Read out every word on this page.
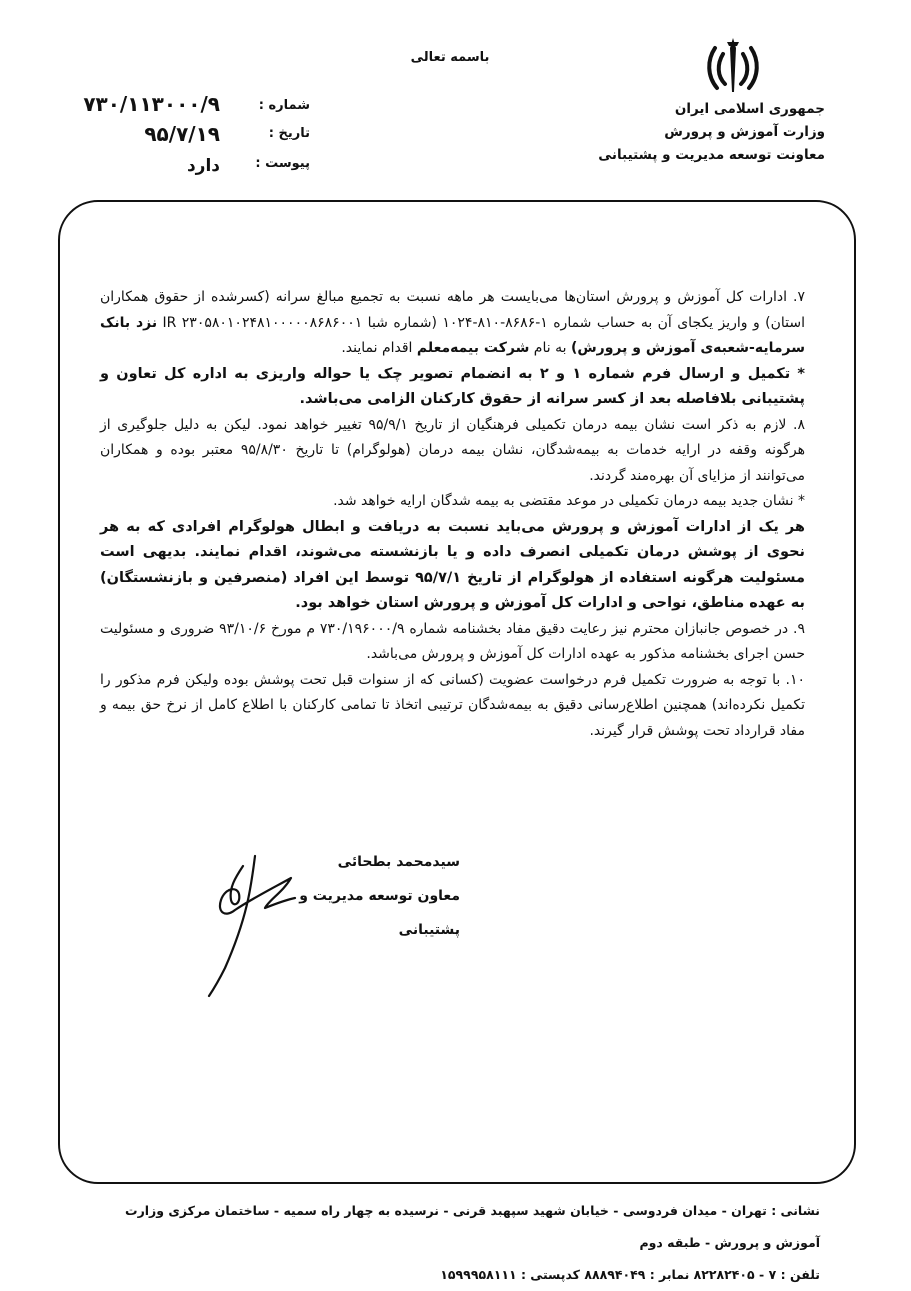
باسمه تعالی
جمهوری اسلامی ایران
وزارت آموزش و پرورش
معاونت توسعه مدیریت و پشتیبانی
شماره :
۷۳۰/۱۱۳۰۰۰/۹
تاریخ :
۹۵/۷/۱۹
پیوست :
دارد

۷. ادارات کل آموزش و پرورش استان‌ها می‌بایست هر ماهه نسبت به تجمیع مبالغ سرانه (کسرشده از حقوق همکاران استان) و واریز یکجای آن به حساب شماره ۱-۸۶۸۶-۸۱۰-۱۰۲۴ (شماره شبا IR ۲۳۰۵۸۰۱۰۲۴۸۱۰۰۰۰۰۸۶۸۶۰۰۱ نزد بانک سرمایه-شعبه‌ی آموزش و پرورش) به نام شرکت بیمه‌معلم اقدام نمایند.

* تکمیل و ارسال فرم شماره ۱ و ۲ به انضمام تصویر چک یا حواله واریزی به اداره کل تعاون و پشتیبانی بلافاصله بعد از کسر سرانه از حقوق کارکنان الزامی می‌باشد.

۸. لازم به ذکر است نشان بیمه درمان تکمیلی فرهنگیان از تاریخ ۹۵/۹/۱ تغییر خواهد نمود. لیکن به دلیل جلوگیری از هرگونه وقفه در ارایه خدمات به بیمه‌شدگان، نشان بیمه درمان (هولوگرام) تا تاریخ ۹۵/۸/۳۰ معتبر بوده و همکاران می‌توانند از مزایای آن بهره‌مند گردند.

* نشان جدید بیمه درمان تکمیلی در موعد مقتضی به بیمه شدگان ارایه خواهد شد.

هر یک از ادارات آموزش و پرورش می‌باید نسبت به دریافت و ابطال هولوگرام افرادی که به هر نحوی از پوشش درمان تکمیلی انصرف داده و یا بازنشسته می‌شوند، اقدام نمایند. بدیهی است مسئولیت هرگونه استفاده از هولوگرام از تاریخ ۹۵/۷/۱ توسط این افراد (منصرفین و بازنشستگان) به عهده مناطق، نواحی و ادارات کل آموزش و پرورش استان خواهد بود.

۹. در خصوص جانبازان محترم نیز رعایت دقیق مفاد بخشنامه شماره ۷۳۰/۱۹۶۰۰۰/۹ م مورخ ۹۳/۱۰/۶ ضروری و مسئولیت حسن اجرای بخشنامه مذکور به عهده ادارات کل آموزش و پرورش می‌باشد.

۱۰. با توجه به ضرورت تکمیل فرم درخواست عضویت (کسانی که از سنوات قبل تحت پوشش بوده ولیکن فرم مذکور را تکمیل نکرده‌اند) همچنین اطلاع‌رسانی دقیق به بیمه‌شدگان ترتیبی اتخاذ تا تمامی کارکنان با اطلاع کامل از نرخ حق بیمه و مفاد قرارداد تحت پوشش قرار گیرند.

سیدمحمد بطحائی
معاون توسعه مدیریت و پشتیبانی
نشانی : تهران - میدان فردوسی - خیابان شهید سپهبد قرنی - نرسیده به چهار راه سمیه - ساختمان مرکزی وزارت آموزش و پرورش - طبقه دوم
تلفن : ۷ - ۸۲۲۸۲۴۰۵ نمابر : ۸۸۸۹۴۰۴۹ کدپستی : ۱۵۹۹۹۵۸۱۱۱
